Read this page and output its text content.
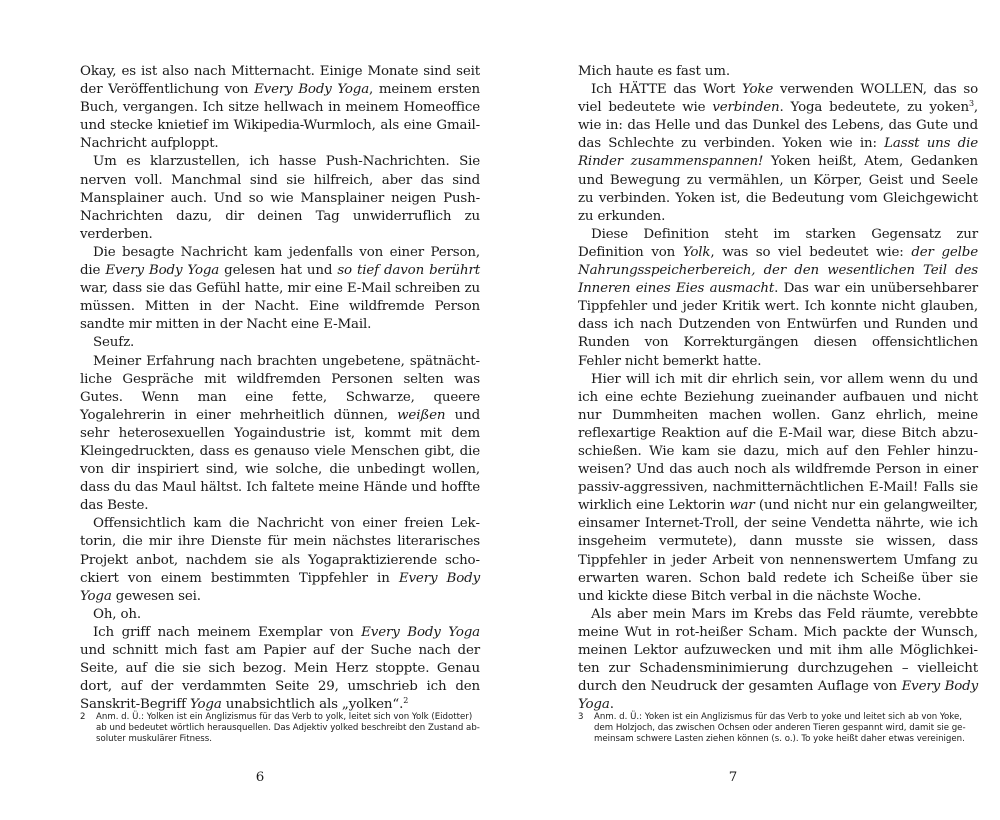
Okay, es ist also nach Mitternacht. Einige Monate sind seit der Veröffentlichung von Every Body Yoga, meinem ersten Buch, vergangen. Ich sitze hellwach in meinem Homeoffice und stecke knietief im Wikipedia-Wurmloch, als eine Gmail-Nachricht aufploppt.

Um es klarzustellen, ich hasse Push-Nachrichten. Sie nerven voll. Manchmal sind sie hilfreich, aber das sind Mansplainer auch. Und so wie Mansplainer neigen Push-Nachrichten dazu, dir deinen Tag unwiderruflich zu verderben.

Die besagte Nachricht kam jedenfalls von einer Person, die Every Body Yoga gelesen hat und so tief davon berührt war, dass sie das Gefühl hatte, mir eine E-Mail schreiben zu müssen. Mitten in der Nacht. Eine wildfremde Person sandte mir mitten in der Nacht eine E-Mail.

Seufz.

Meiner Erfahrung nach brachten ungebetene, spätnächtliche Gespräche mit wildfremden Personen selten was Gutes. Wenn man eine fette, Schwarze, queere Yogalehrerin in einer mehrheitlich dünnen, weißen und sehr heterosexuellen Yogaindustrie ist, kommt mit dem Kleingedruckten, dass es genauso viele Menschen gibt, die von dir inspiriert sind, wie solche, die unbedingt wollen, dass du das Maul hältst. Ich faltete meine Hände und hoffte das Beste.

Offensichtlich kam die Nachricht von einer freien Lektorin, die mir ihre Dienste für mein nächstes literarisches Projekt anbot, nachdem sie als Yogapraktizierende schockiert von einem bestimmten Tippfehler in Every Body Yoga gewesen sei.

Oh, oh.

Ich griff nach meinem Exemplar von Every Body Yoga und schnitt mich fast am Papier auf der Suche nach der Seite, auf die sie sich bezog. Mein Herz stoppte. Genau dort, auf der verdammten Seite 29, umschrieb ich den Sanskrit-Begriff Yoga unabsichtlich als „yolken“.$^2$

2	Anm. d. Ü.: Yolken ist ein Anglizismus für das Verb to yolk, leitet sich von Yolk (Eidotter) ab und bedeutet wörtlich herausquellen. Das Adjektiv yolked beschreibt den Zustand absoluter muskulärer Fitness.
6

Mich haute es fast um.

Ich HÄTTE das Wort Yoke verwenden WOLLEN, das so viel bedeutete wie verbinden. Yoga bedeutete, zu yoken$^3$, wie in: das Helle und das Dunkel des Lebens, das Gute und das Schlechte zu verbinden. Yoken wie in: Lasst uns die Rinder zusammenspannen! Yoken heißt, Atem, Gedanken und Bewegung zu vermählen, un Körper, Geist und Seele zu verbinden. Yoken ist, die Bedeutung vom Gleichgewicht zu erkunden.

Diese Definition steht im starken Gegensatz zur Definition von Yolk, was so viel bedeutet wie: der gelbe Nahrungsspeicherbereich, der den wesentlichen Teil des Inneren eines Eies ausmacht. Das war ein unübersehbarer Tippfehler und jeder Kritik wert. Ich konnte nicht glauben, dass ich nach Dutzenden von Entwürfen und Runden und Runden von Korrekturgängen diesen offensichtlichen Fehler nicht bemerkt hatte.

Hier will ich mit dir ehrlich sein, vor allem wenn du und ich eine echte Beziehung zueinander aufbauen und nicht nur Dummheiten machen wollen. Ganz ehrlich, meine reflexartige Reaktion auf die E-Mail war, diese Bitch abzuschießen. Wie kam sie dazu, mich auf den Fehler hinzuweisen? Und das auch noch als wildfremde Person in einer passiv-aggressiven, nachmitternächtlichen E-Mail! Falls sie wirklich eine Lektorin war (und nicht nur ein gelangweilter, einsamer Internet-Troll, der seine Vendetta nährte, wie ich insgeheim vermutete), dann musste sie wissen, dass Tippfehler in jeder Arbeit von nennenswertem Umfang zu erwarten waren. Schon bald redete ich Scheiße über sie und kickte diese Bitch verbal in die nächste Woche.

Als aber mein Mars im Krebs das Feld räumte, verebbte meine Wut in rot-heißer Scham. Mich packte der Wunsch, meinen Lektor aufzuwecken und mit ihm alle Möglichkeiten zur Schadensminimierung durchzugehen – vielleicht durch den Neudruck der gesamten Auflage von Every Body Yoga.

3	Anm. d. Ü.: Yoken ist ein Anglizismus für das Verb to yoke und leitet sich ab von Yoke, dem Holzjoch, das zwischen Ochsen oder anderen Tieren gespannt wird, damit sie gemeinsam schwere Lasten ziehen können (s. o.). To yoke heißt daher etwas vereinigen.
7
